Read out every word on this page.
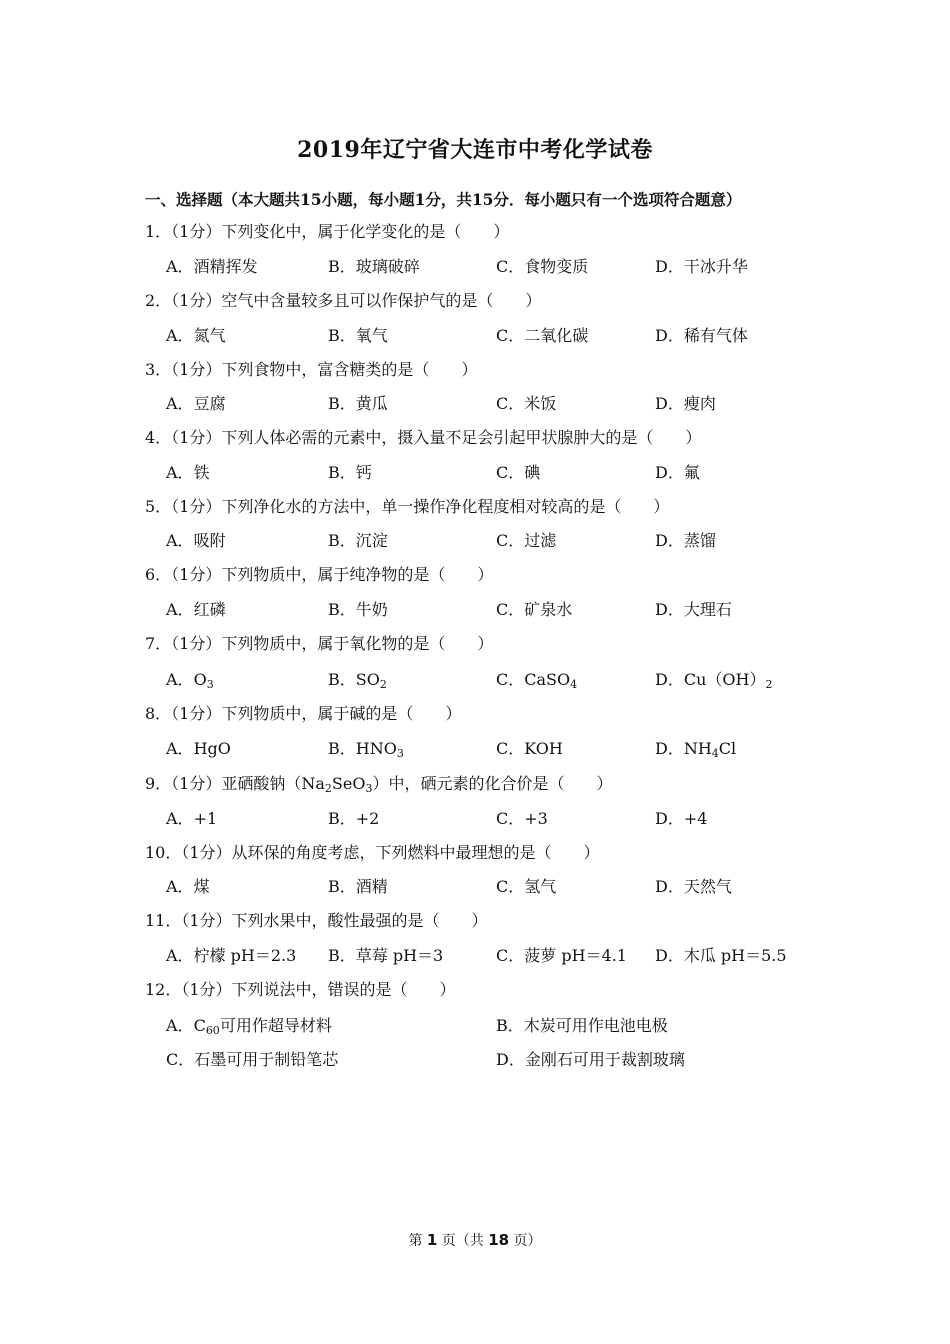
2019年辽宁省大连市中考化学试卷
一、选择题（本大题共15小题，每小题1分，共15分．每小题只有一个选项符合题意）
1．（1分）下列变化中，属于化学变化的是（　　）
A．酒精挥发	B．玻璃破碎	C．食物变质	D．干冰升华
2．（1分）空气中含量较多且可以作保护气的是（　　）
A．氮气	B．氧气	C．二氧化碳	D．稀有气体
3．（1分）下列食物中，富含糖类的是（　　）
A．豆腐	B．黄瓜	C．米饭	D．瘦肉
4．（1分）下列人体必需的元素中，摄入量不足会引起甲状腺肿大的是（　　）
A．铁	B．钙	C．碘	D．氟
5．（1分）下列净化水的方法中，单一操作净化程度相对较高的是（　　）
A．吸附	B．沉淀	C．过滤	D．蒸馏
6．（1分）下列物质中，属于纯净物的是（　　）
A．红磷	B．牛奶	C．矿泉水	D．大理石
7．（1分）下列物质中，属于氧化物的是（　　）
A．$O_3$	B．$SO_2$	C．CaSO$_4$	D．$Cu(OH)_2$
8．（1分）下列物质中，属于碱的是（　　）
A．HgO	B．$HNO_3$	C．KOH	D．$NH_4Cl$
9．（1分）亚硒酸钠$(Na_2SeO_3)$中，硒元素的化合价是（　　）
A．+1	B．+2	C．+3	D．+4
10．（1分）从环保的角度考虑，下列燃料中最理想的是（　　）
A．煤	B．酒精	C．氢气	D．天然气
11．（1分）下列水果中，酸性最强的是（　　）
A．柠檬 pH＝2.3 B．草莓 pH＝3	C．菠萝 pH＝4.1 D．木瓜 pH＝5.5
12．（1分）下列说法中，错误的是（　　）
A．$C_{60}$可用作超导材料	B．木炭可用作电池电极
C．石墨可用于制铅笔芯	D．金刚石可用于裁割玻璃
第 1 页（共 18 页）
